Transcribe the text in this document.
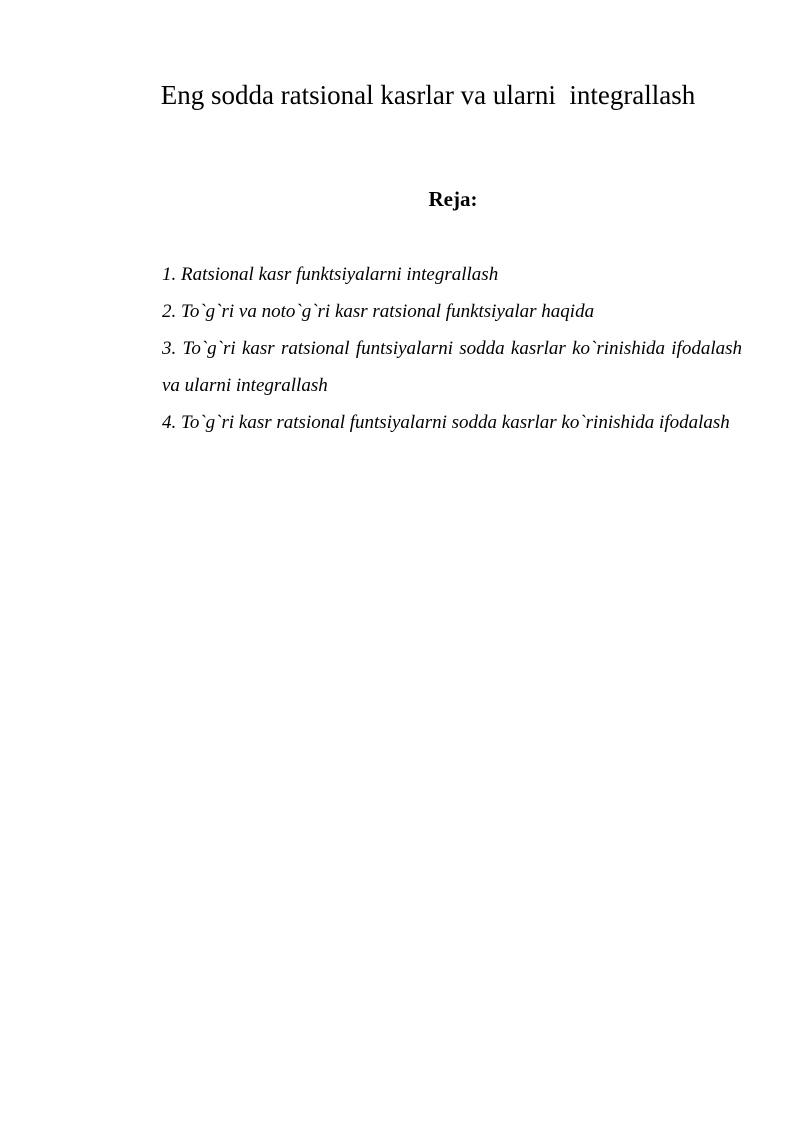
Eng sodda ratsional kasrlar va ularni  integrallash
Reja:
1. Ratsional kasr funktsiyalarni integrallash
2. To`g`ri va noto`g`ri kasr ratsional funktsiyalar haqida
3. To`g`ri kasr ratsional funtsiyalarni sodda kasrlar ko`rinishida ifodalash va ularni integrallash
4. To`g`ri kasr ratsional funtsiyalarni sodda kasrlar ko`rinishida ifodalash
